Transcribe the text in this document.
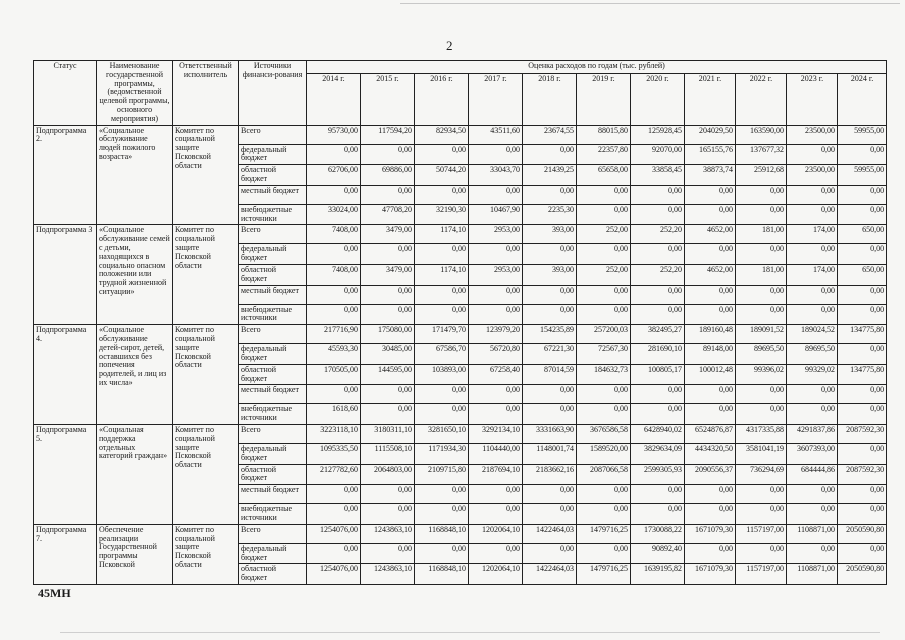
2
Статус	Наименование государственной программы, (ведомственной целевой программы, основного мероприятия)	Ответственный исполнитель	Источники финанси-рования	Оценка расходов по годам (тыс. рублей)										
				2014 г.	2015 г.	2016 г.	2017 г.	2018 г.	2019 г.	2020 г.	2021 г.	2022 г.	2023 г.	2024 г.
Подпрограмма 2.	«Социальное обслуживание людей пожилого возраста»	Комитет по социальной защите Псковской области	Всего	95730,00	117594,20	82934,50	43511,60	23674,55	88015,80	125928,45	204029,50	163590,00	23500,00	59955,00
			федеральный бюджет	0,00	0,00	0,00	0,00	0,00	22357,80	92070,00	165155,76	137677,32	0,00	0,00
			областной бюджет	62706,00	69886,00	50744,20	33043,70	21439,25	65658,00	33858,45	38873,74	25912,68	23500,00	59955,00
			местный бюджет	0,00	0,00	0,00	0,00	0,00	0,00	0,00	0,00	0,00	0,00	0,00
			внебюджетные источники	33024,00	47708,20	32190,30	10467,90	2235,30	0,00	0,00	0,00	0,00	0,00	0,00
Подпрограмма 3	«Социальное обслуживание семей с детьми, находящихся в социально опасном положении или трудной жизненной ситуации»	Комитет по социальной защите Псковской области	Всего	7408,00	3479,00	1174,10	2953,00	393,00	252,00	252,20	4652,00	181,00	174,00	650,00
			федеральный бюджет	0,00	0,00	0,00	0,00	0,00	0,00	0,00	0,00	0,00	0,00	0,00
			областной бюджет	7408,00	3479,00	1174,10	2953,00	393,00	252,00	252,20	4652,00	181,00	174,00	650,00
			местный бюджет	0,00	0,00	0,00	0,00	0,00	0,00	0,00	0,00	0,00	0,00	0,00
			внебюджетные источники	0,00	0,00	0,00	0,00	0,00	0,00	0,00	0,00	0,00	0,00	0,00
Подпрограмма 4.	«Социальное обслуживание детей-сирот, детей, оставшихся без попечения родителей, и лиц из их числа»	Комитет по социальной защите Псковской области	Всего	217716,90	175080,00	171479,70	123979,20	154235,89	257200,03	382495,27	189160,48	189091,52	189024,52	134775,80
			федеральный бюджет	45593,30	30485,00	67586,70	56720,80	67221,30	72567,30	281690,10	89148,00	89695,50	89695,50	0,00
			областной бюджет	170505,00	144595,00	103893,00	67258,40	87014,59	184632,73	100805,17	100012,48	99396,02	99329,02	134775,80
			местный бюджет	0,00	0,00	0,00	0,00	0,00	0,00	0,00	0,00	0,00	0,00	0,00
			внебюджетные источники	1618,60	0,00	0,00	0,00	0,00	0,00	0,00	0,00	0,00	0,00	0,00
Подпрограмма 5.	«Социальная поддержка отдельных категорий граждан»	Комитет по социальной защите Псковской области	Всего	3223118,10	3180311,10	3281650,10	3292134,10	3331663,90	3676586,58	6428940,02	6524876,87	4317335,88	4291837,86	2087592,30
			федеральный бюджет	1095335,50	1115508,10	1171934,30	1104440,00	1148001,74	1589520,00	3829634,09	4434320,50	3581041,19	3607393,00	0,00
			областной бюджет	2127782,60	2064803,00	2109715,80	2187694,10	2183662,16	2087066,58	2599305,93	2090556,37	736294,69	684444,86	2087592,30
			местный бюджет	0,00	0,00	0,00	0,00	0,00	0,00	0,00	0,00	0,00	0,00	0,00
			внебюджетные источники	0,00	0,00	0,00	0,00	0,00	0,00	0,00	0,00	0,00	0,00	0,00
Подпрограмма 7.	Обеспечение реализации Государственной программы Псковской	Комитет по социальной защите Псковской области	Всего	1254076,00	1243863,10	1168848,10	1202064,10	1422464,03	1479716,25	1730088,22	1671079,30	1157197,00	1108871,00	2050590,80
			федеральный бюджет	0,00	0,00	0,00	0,00	0,00	0,00	90892,40	0,00	0,00	0,00	0,00
			областной бюджет	1254076,00	1243863,10	1168848,10	1202064,10	1422464,03	1479716,25	1639195,82	1671079,30	1157197,00	1108871,00	2050590,80
45МН
